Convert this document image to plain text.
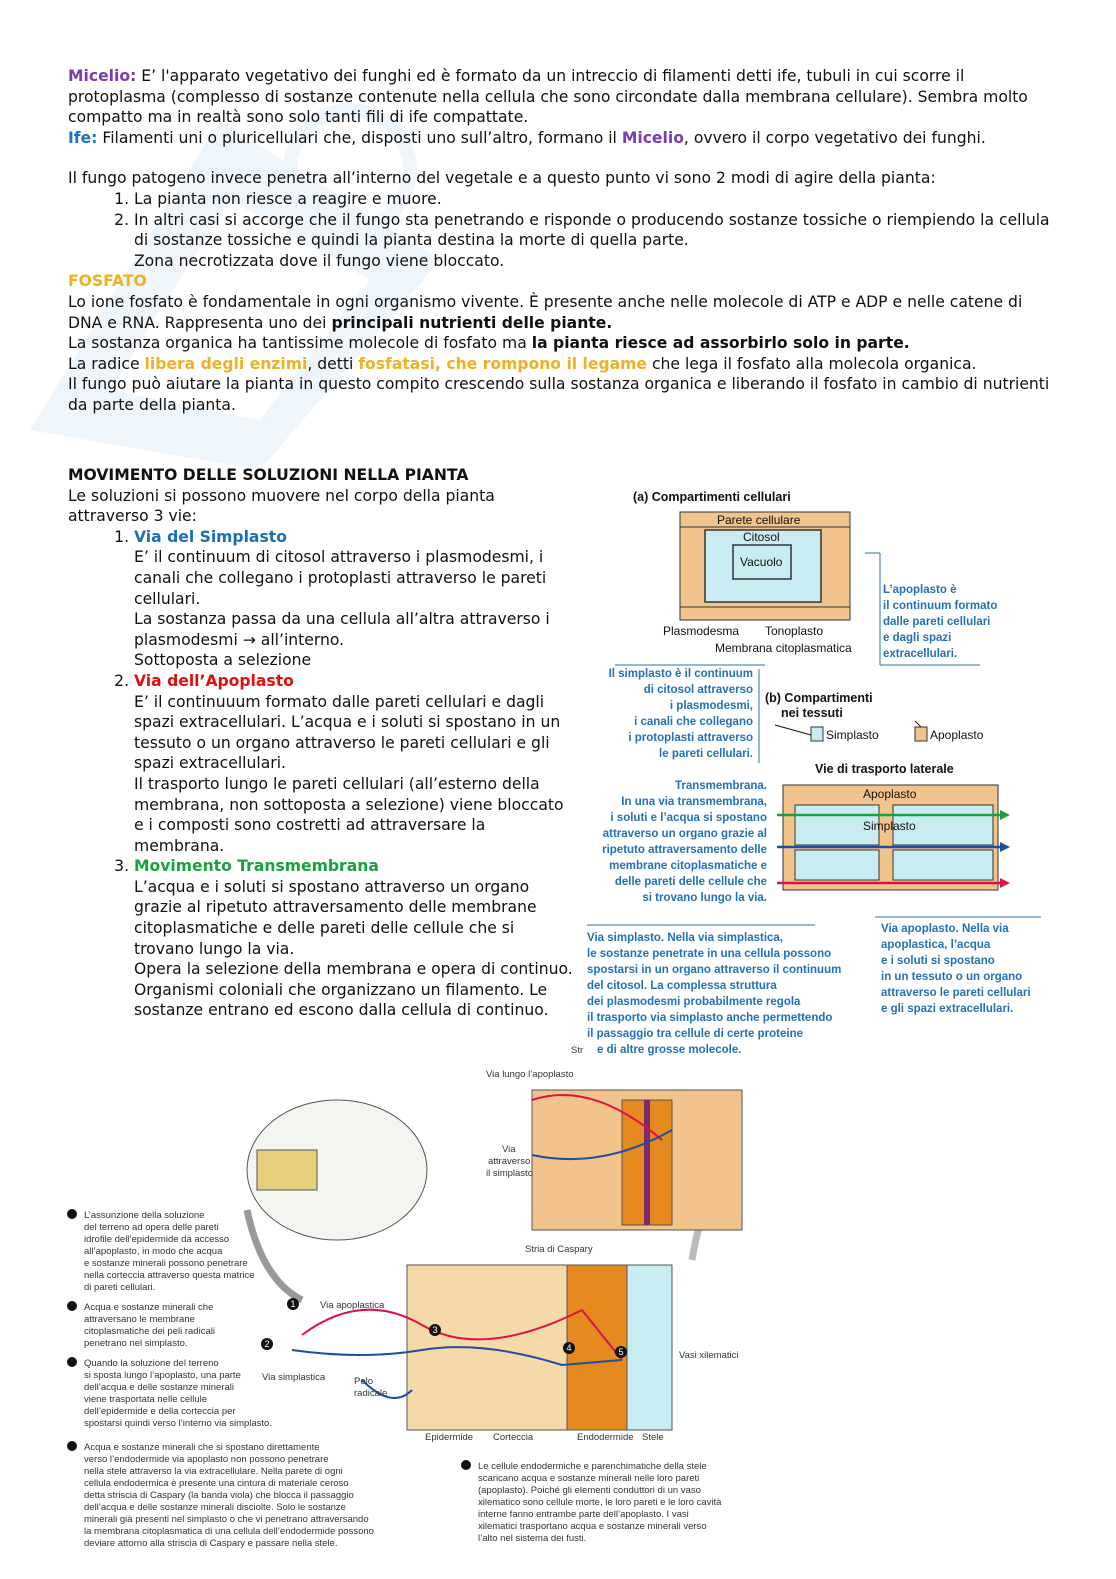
Micelio: E’ l'apparato vegetativo dei funghi ed è formato da un intreccio di filamenti detti ife, tubuli in cui scorre il protoplasma (complesso di sostanze contenute nella cellula che sono circondate dalla membrana cellulare). Sembra molto compatto ma in realtà sono solo tanti fili di ife compattate.

Ife: Filamenti uni o pluricellulari che, disposti uno sull’altro, formano il Micelio, ovvero il corpo vegetativo dei funghi.

Il fungo patogeno invece penetra all’interno del vegetale e a questo punto vi sono 2 modi di agire della pianta:

1. La pianta non riesce a reagire e muore.
2. In altri casi si accorge che il fungo sta penetrando e risponde o producendo sostanze tossiche o riempiendo la cellula di sostanze tossiche e quindi la pianta destina la morte di quella parte.

Zona necrotizzata dove il fungo viene bloccato.

FOSFATO

Lo ione fosfato è fondamentale in ogni organismo vivente. È presente anche nelle molecole di ATP e ADP e nelle catene di DNA e RNA. Rappresenta uno dei principali nutrienti delle piante.

La sostanza organica ha tantissime molecole di fosfato ma la pianta riesce ad assorbirlo solo in parte.

La radice libera degli enzimi, detti fosfatasi, che rompono il legame che lega il fosfato alla molecola organica.

Il fungo può aiutare la pianta in questo compito crescendo sulla sostanza organica e liberando il fosfato in cambio di nutrienti da parte della pianta.

MOVIMENTO DELLE SOLUZIONI NELLA PIANTA

Le soluzioni si possono muovere nel corpo della pianta attraverso 3 vie:

1. Via del Simplasto
E’ il continuum di citosol attraverso i plasmodesmi, i canali che collegano i protoplasti attraverso le pareti cellulari.
La sostanza passa da una cellula all’altra attraverso i plasmodesmi → all’interno.
Sottoposta a selezione
2. Via dell’Apoplasto
E’ il continuuum formato dalle pareti cellulari e dagli spazi extracellulari. L’acqua e i soluti si spostano in un tessuto o un organo attraverso le pareti cellulari e gli spazi extracellulari.
Il trasporto lungo le pareti cellulari (all’esterno della membrana, non sottoposta a selezione) viene bloccato e i composti sono costretti ad attraversare la membrana.
3. Movimento Transmembrana
L’acqua e i soluti si spostano attraverso un organo grazie al ripetuto attraversamento delle membrane citoplasmatiche e delle pareti delle cellule che si trovano lungo la via.
Opera la selezione della membrana e opera di continuo. Organismi coloniali che organizzano un filamento. Le sostanze entrano ed escono dalla cellula di continuo.
(a) Compartimenti cellulari
Parete cellulare
Citosol
Vacuolo
Plasmodesma Tonoplasto
Membrana citoplasmatica
L’apoplasto è
il continuum formato
dalle pareti cellulari
e dagli spazi
extracellulari.
Il simplasto è il continuum
di citosol attraverso
i plasmodesmi,
i canali che collegano
i protoplasti attraverso
le pareti cellulari.
(b) Compartimenti
nei tessuti
Simplasto	Apoplasto
Vie di trasporto laterale
Apoplasto
Simplasto
Transmembrana.
In una via transmembrana,
i soluti e l’acqua si spostano
attraverso un organo grazie al
ripetuto attraversamento delle
membrane citoplasmatiche e
delle pareti delle cellule che
si trovano lungo la via.
Via simplasto. Nella via simplastica,
le sostanze penetrate in una cellula possono
spostarsi in un organo attraverso il continuum
del citosol. La complessa struttura
dei plasmodesmi probabilmente regola
il trasporto via simplasto anche permettendo
il passaggio tra cellule di certe proteine
e di altre grosse molecole.
Str
Via apoplasto. Nella via
apoplastica, l’acqua
e i soluti si spostano
in un tessuto o un organo
attraverso le pareti cellulari
e gli spazi extracellulari.
Via lungo l’apoplasto
Via
attraverso
il simplasto
Stria di Caspary
Via apoplastica
Via simplastica	Pelo
radicale
Vasi xilematici
Epidermide Corteccia	Endodermide Stele
1
2
3
4	5
L’assunzione della soluzione
del terreno ad opera delle pareti
idrofile dell’epidermide dà accesso
all’apoplasto, in modo che acqua
e sostanze minerali possono penetrare
nella corteccia attraverso questa matrice
di pareti cellulari.
Acqua e sostanze minerali che
attraversano le membrane
citoplasmatiche dei peli radicali
penetrano nel simplasto.
Quando la soluzione del terreno
si sposta lungo l’apoplasto, una parte
dell’acqua e delle sostanze minerali
viene trasportata nelle cellule
dell’epidermide e della corteccia per
spostarsi quindi verso l’interno via simplasto.
Acqua e sostanze minerali che si spostano direttamente
verso l’endodermide via apoplasto non possono penetrare
nella stele attraverso la via extracellulare. Nella parete di ogni
cellula endodermica è presente una cintura di materiale ceroso
detta striscia di Caspary (la banda viola) che blocca il passaggio
dell’acqua e delle sostanze minerali disciolte. Solo le sostanze
minerali già presenti nel simplasto o che vi penetrano attraversando
la membrana citoplasmatica di una cellula dell’endodermide possono
deviare attorno alla striscia di Caspary e passare nella stele.
Le cellule endodermiche e parenchimatiche della stele
scaricano acqua e sostanze minerali nelle loro pareti
(apoplasto). Poiché gli elementi conduttori di un vaso
xilematico sono cellule morte, le loro pareti e le loro cavità
interne fanno entrambe parte dell’apoplasto. I vasi
xilematici trasportano acqua e sostanze minerali verso
l’alto nel sistema dei fusti.
